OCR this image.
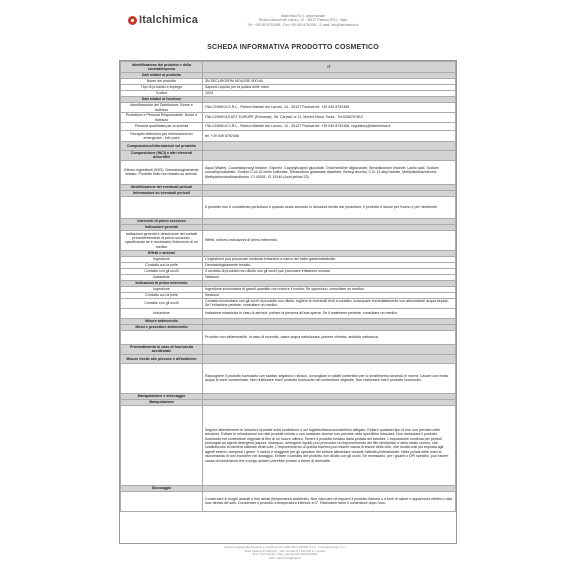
Italchimica	Italchimica S.r.l. unipersonale
Riviera Maestri del Lavoro, 10 - 35127 Padova (PD) - Italia
Tel. +39 049 8792458 - Fax +39 049 8792454 - E-mail: info@italchimica.it
SCHEDA INFORMATIVA PRODOTTO COSMETICO
Identificazione del prodotto e della società/impresa	IT
Dati relativi al prodotto	
Nome del prodotto	3N SECURGERM MOUSSE 600 ML
Tipo di prodotto e impiego	Sapone Liquido per la pulizia delle mani
Codice	1029
Dati relativi al fornitore	
Identificazione del Distributore: Nome e Indirizzo	ITALCHIMICA S.R.L., Riviera Maestri del Lavoro, 10 - 35127 Padova tel: +39 049 8792458
Produttore e Persona Responsabile: Nome e Indirizzo	ITALCHIMICA EAST EUROPE (Romania), Str. Carpati, nr.11, Moreni Nova, Tonia - Tel:0268707812
Persona qualificata per la scheda	ITALCHIMICA S.R.L., Riviera Maestri del Lavoro, 10 - 35127 Padova tel: +39 049 8792458, regulatory@italchimica.it
Recapito telefonico per informazioni ed emergenza - Info point	tel. +39 049 8792458
Composizione/informazioni sul prodotto	
Composizione (INCI) e altri elementi descrittivi	
Elenco ingredienti (INCI). Dermatologicamente testato. Prodotto finito non testato su animali.	Aqua (Water), Cocamidopropyl betaine, Glycerin, Caprylyl/capryl glucoside, Chlorhexidine digluconate, Benzalkonium chloride, Lactic acid, Sodium cocoamphoacetate, Sodium C14-16 olefin sulfonate, Tetrasodium glutamate diacetate, Benzyl alcohol, C12-13 alkyl lactate, Methylisothiazolinone, Methylchloroisothiazolinone, CI 42051, CI 19140 (Acid yellow 23).
Identificazione dei eventuali pericoli	
Informazioni su eventuali pericoli	
	Il prodotto non è considerato pericoloso e quando usato secondo le istruzioni fornite dal produttore, il prodotto è sicuro per l'uomo e per l'ambiente.
Interventi di primo soccorso	
Indicazioni generali	
Indicazioni generali e descrizione dei contatti precedentemente di primo soccorso, specificando se è necessario l'intervento di un medico	Effetti, sintomi, indicazioni di primo intervento.
Effetti e sintomi	
Ingestione	L'ingestione può provocare modesta irritazione a carico del tratto gastrointestinale.
Contatto con la pelle	Dermatologicamente testato.
Contatto con gli occhi	Il contatto di prodotto non diluito con gli occhi può provocare irritazione oculare.
Inalazione	Nessuno
Indicazioni di primo intervento	
Ingestione	Ingestione involontaria di grandi quantità: non indurre il vomito. Se opportuno, consultare un medico.
Contatto con la pelle	Nessuno
Contatto con gli occhi	Contatto involontario con gli occhi di prodotto non diluito: togliere le eventuali lenti a contatto, sciacquare immediatamente con abbondante acqua tiepida. Se l'irritazione persiste, consultare un medico.
Inalazione	Inalazione massiccia in caso di aerosol: portare la persona all'aria aperta. Se il malessere persiste, consultare un medico.
Misure antincendio	
Mezzi e procedure antincendio	
	Prodotto non infiammabile. In caso di incendio, usare acqua nebulizzata, polvere chimica, anidride carbonica
Provvedimento in caso di fuoriuscita accidentale	
Misure rivolte alle persone e all'ambiente	
	Raccogliere il prodotto fuoriuscito con sabbia, segatura o stracci, convogliare in adatti contenitori per lo smaltimento secondo le norme. Lavare con molta acqua le zone contaminate. Non riutilizzare mai il prodotto fuoriuscito nel contenitore originale. Non riutilizzare mai il prodotto fuoriuscito.
Manipolazione e stoccaggio	
Manipolazione	
	Seguire attentamente le istruzioni riportate sulla confezione o sul foglietto/fascicolo/cartellino allegato. Evitare qualsiasi tipo di uso non previsto nelle istruzioni. Evitare le miscelazioni con altri prodotti chimici o con sostanze diverse non previste nelle specifiche istruzioni. Non mescolare il prodotto fuoriuscito nel contenitore originale al fine di un nuovo utilizzo. Tenere il prodotto lontano dalla portata dei bambini. L'esposizione continua per periodi prolungati ad agenti detergenti (saponi, shampoo, detergenti liquidi) può provocare un impoverimento del film idrolipidico e dello strato corneo, che costituiscono la barriera naturale della cute. L'impoverimento di questa barriera può essere causa di lesioni della cute, che risulta così più esposta agli agenti esterni, compresi i germi. Il rischio è maggiore per gli operatori del settore alimentare durante l'attività professionale. Nella pulizia delle mani si raccomanda di non eccedere nel dosaggio. Evitare il contatto del prodotto non diluito con gli occhi. Se necessario, per i guanti o DPI specifici, può essere causa di intolleranza che a lungo andare potrebbe portare a forme di dermatite.
Stoccaggio	
	Conservare in luoghi asciutti e ben aerati (temperatura ambiente). Non ridurcare né esporre il prodotto fiamma o a fonti di calore o apparecchi elettrici o alla luce diretta del sole. Conservare il prodotto a temperatura inferiore a 0°. Richiudere bene il contenitore dopo l'uso.
Società soggetta alla direzione e coordinamento della ORO-SIOSPA S.p.A., in Aconia Gruppo S.r.l.
Sede Padova (P. IVA/VAT) - Cap. Sociale € 1.100.000 int. versato
Prov. Cod. Fiscale - Reg. Imprese PD 04070430281
PEC: italchimica@legal.it
